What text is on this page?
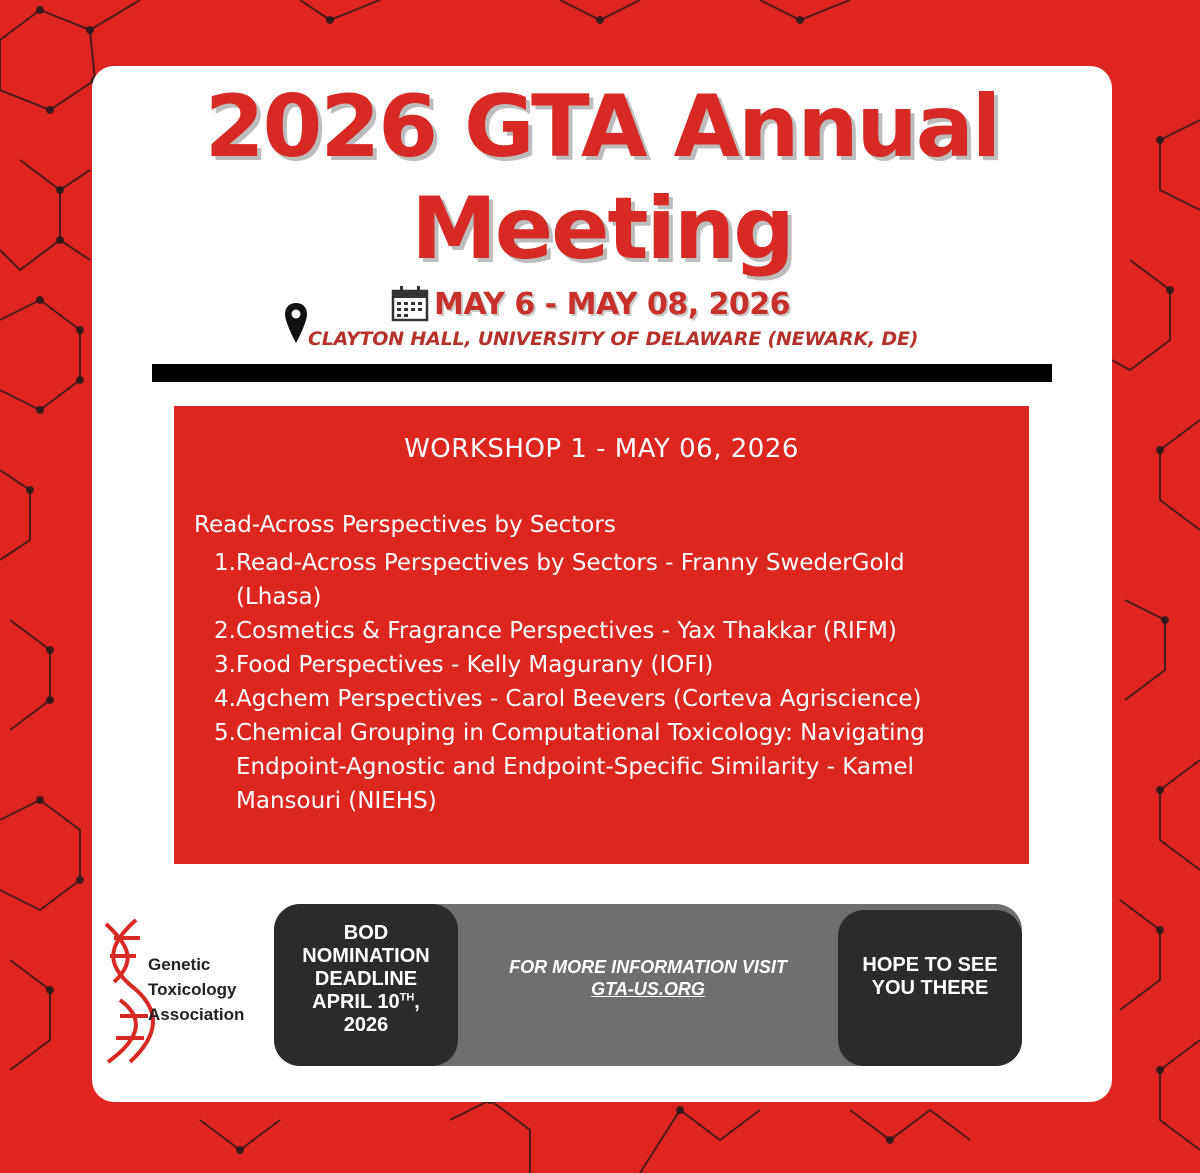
2026 GTA Annual
Meeting
MAY 6 - MAY 08, 2026
CLAYTON HALL, UNIVERSITY OF DELAWARE (NEWARK, DE)
WORKSHOP 1 - MAY 06, 2026
Read-Across Perspectives by Sectors
1. Read-Across Perspectives by Sectors - Franny SwederGold
(Lhasa)
2. Cosmetics & Fragrance Perspectives - Yax Thakkar (RIFM)
3. Food Perspectives - Kelly Magurany (IOFI)
4. Agchem Perspectives - Carol Beevers (Corteva Agriscience)
5. Chemical Grouping in Computational Toxicology: Navigating
Endpoint-Agnostic and Endpoint-Specific Similarity - Kamel
Mansouri (NIEHS)
Genetic
Toxicology
Association
BOD
NOMINATION
DEADLINE
APRIL 10TH,
2026
FOR MORE INFORMATION VISIT
GTA-US.ORG
HOPE TO SEE
YOU THERE
